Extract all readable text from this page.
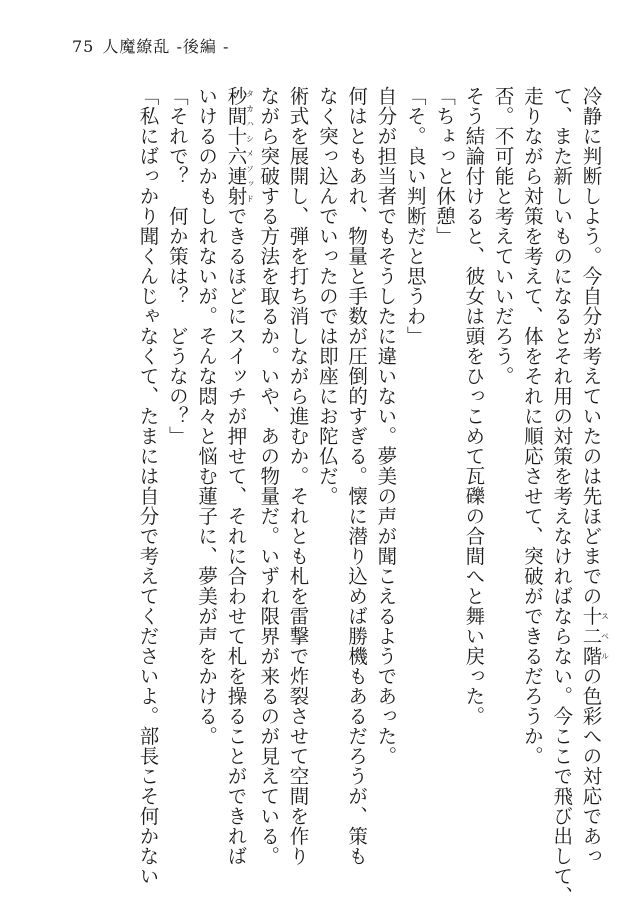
75 人魔繚乱 -後編 -
冷静に判断しよう。今自分が考えていたのは先ほどまでの十二階スペルの色彩への対応であっ
て、また新しいものになるとそれ用の対策を考えなければならない。今ここで飛び出して、
走りながら対策を考えて、体をそれに順応させて、突破ができるだろうか。
否。不可能と考えていいだろう。
そう結論付けると、彼女は頭をひっこめて瓦礫の合間へと舞い戻った。
「ちょっと休憩」
「そ。良い判断だと思うわ」
自分が担当者でもそうしたに違いない。夢美の声が聞こえるようであった。
何はともあれ、物量と手数が圧倒的すぎる。懐に潜り込めば勝機もあるだろうが、策も
なく突っ込んでいったのでは即座にお陀仏だ。
術式を展開し、弾を打ち消しながら進むか。それとも札を雷撃で炸裂させて空間を作り
ながら突破する方法を取るか。いや、あの物量だ。いずれ限界が来るのが見えている。
秒間十六連射タカハシメソッドできるほどにスイッチが押せて、それに合わせて札を操ることができれば
いけるのかもしれないが。そんな悶々と悩む蓮子に、夢美が声をかける。
「それで？　何か策は？　どうなの？」
「私にばっかり聞くんじゃなくて、たまには自分で考えてくださいよ。部長こそ何かない
